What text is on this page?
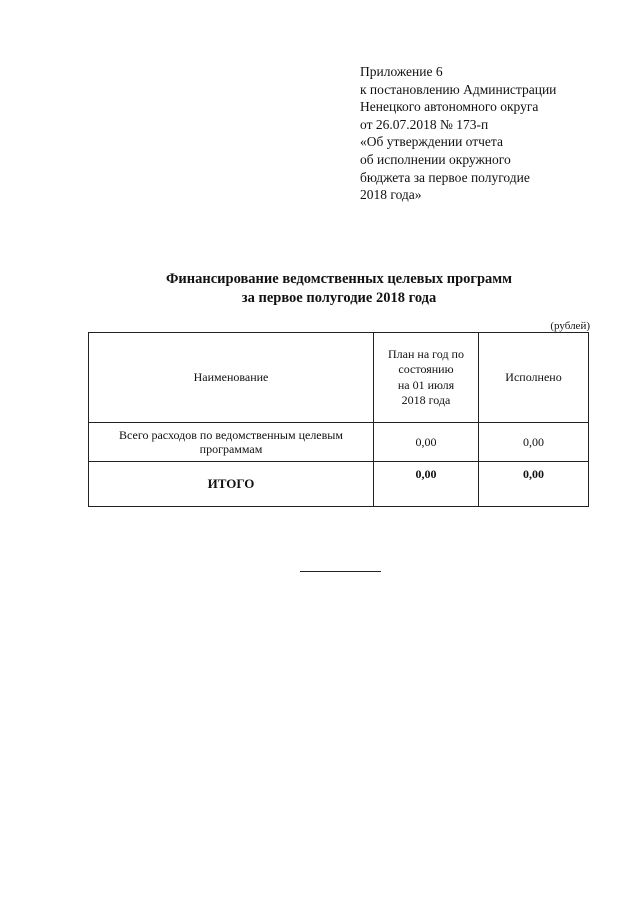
Приложение 6
к постановлению Администрации
Ненецкого автономного округа
от 26.07.2018 № 173-п
«Об утверждении отчета
об исполнении окружного
бюджета за первое полугодие
2018 года»
Финансирование ведомственных целевых программ
за первое полугодие 2018 года
(рублей)
Наименование	План на год по
состоянию
на 01 июля
2018 года	Исполнено

Всего расходов по ведомственным целевым
программам	0,00	0,00
ИТОГО	0,00	0,00
